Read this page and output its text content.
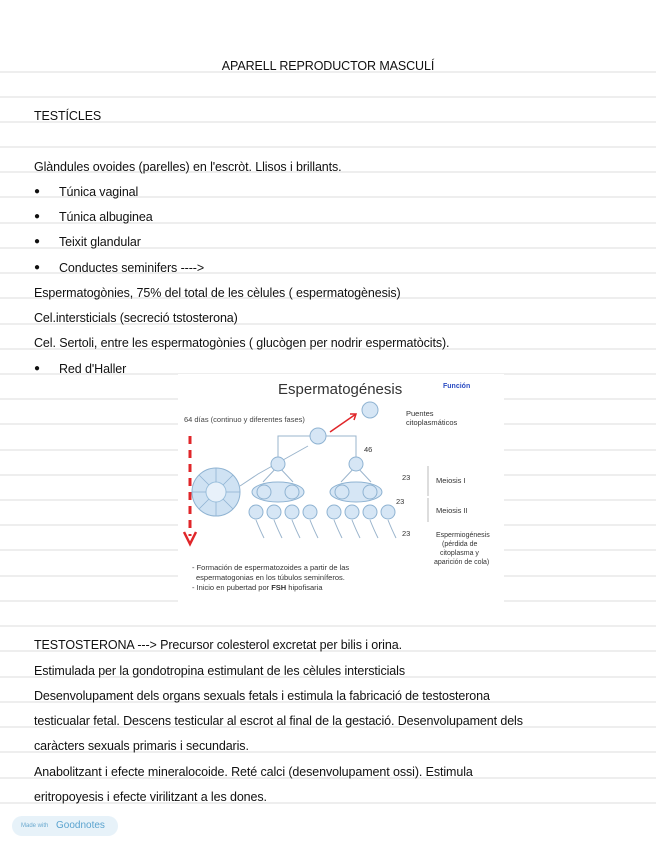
APARELL REPRODUCTOR MASCULÍ
TESTÍCLES
Glàndules ovoides (parelles) en l'escròt. Llisos i brillants.
● Túnica vaginal
● Túnica albuginea
● Teixit glandular
● Conductes seminifers ---->
Espermatogònies, 75% del total de les cèlules ( espermatogènesis)
Cel.intersticials (secreció tstosterona)
Cel. Sertoli, entre les espermatogònies ( glucògen per nodrir espermatòcits).
● Red d'Haller
Espermatogénesis	Función
64 días (continuo y diferentes fases)
Puentes
citoplasmáticos
46
23
23
23
Meiosis I
Meiosis II
Espermiogénesis
(pérdida de
citoplasma y
aparición de cola)
- Formación de espermatozoides a partir de las
espermatogonias en los túbulos seminíferos.
- Inicio en pubertad por FSH hipofisaria
TESTOSTERONA ---> Precursor colesterol excretat per bilis i orina.
Estimulada per la gondotropina estimulant de les cèlules intersticials
Desenvolupament dels organs sexuals fetals i estimula la fabricació de testosterona
testicualar fetal. Descens testicular al escrot al final de la gestació. Desenvolupament dels
caràcters sexuals primaris i secundaris.
Anabolitzant i efecte mineralocoide. Reté calci (desenvolupament ossi). Estimula
eritropoyesis i efecte virilitzant a les dones.
Made with Goodnotes
